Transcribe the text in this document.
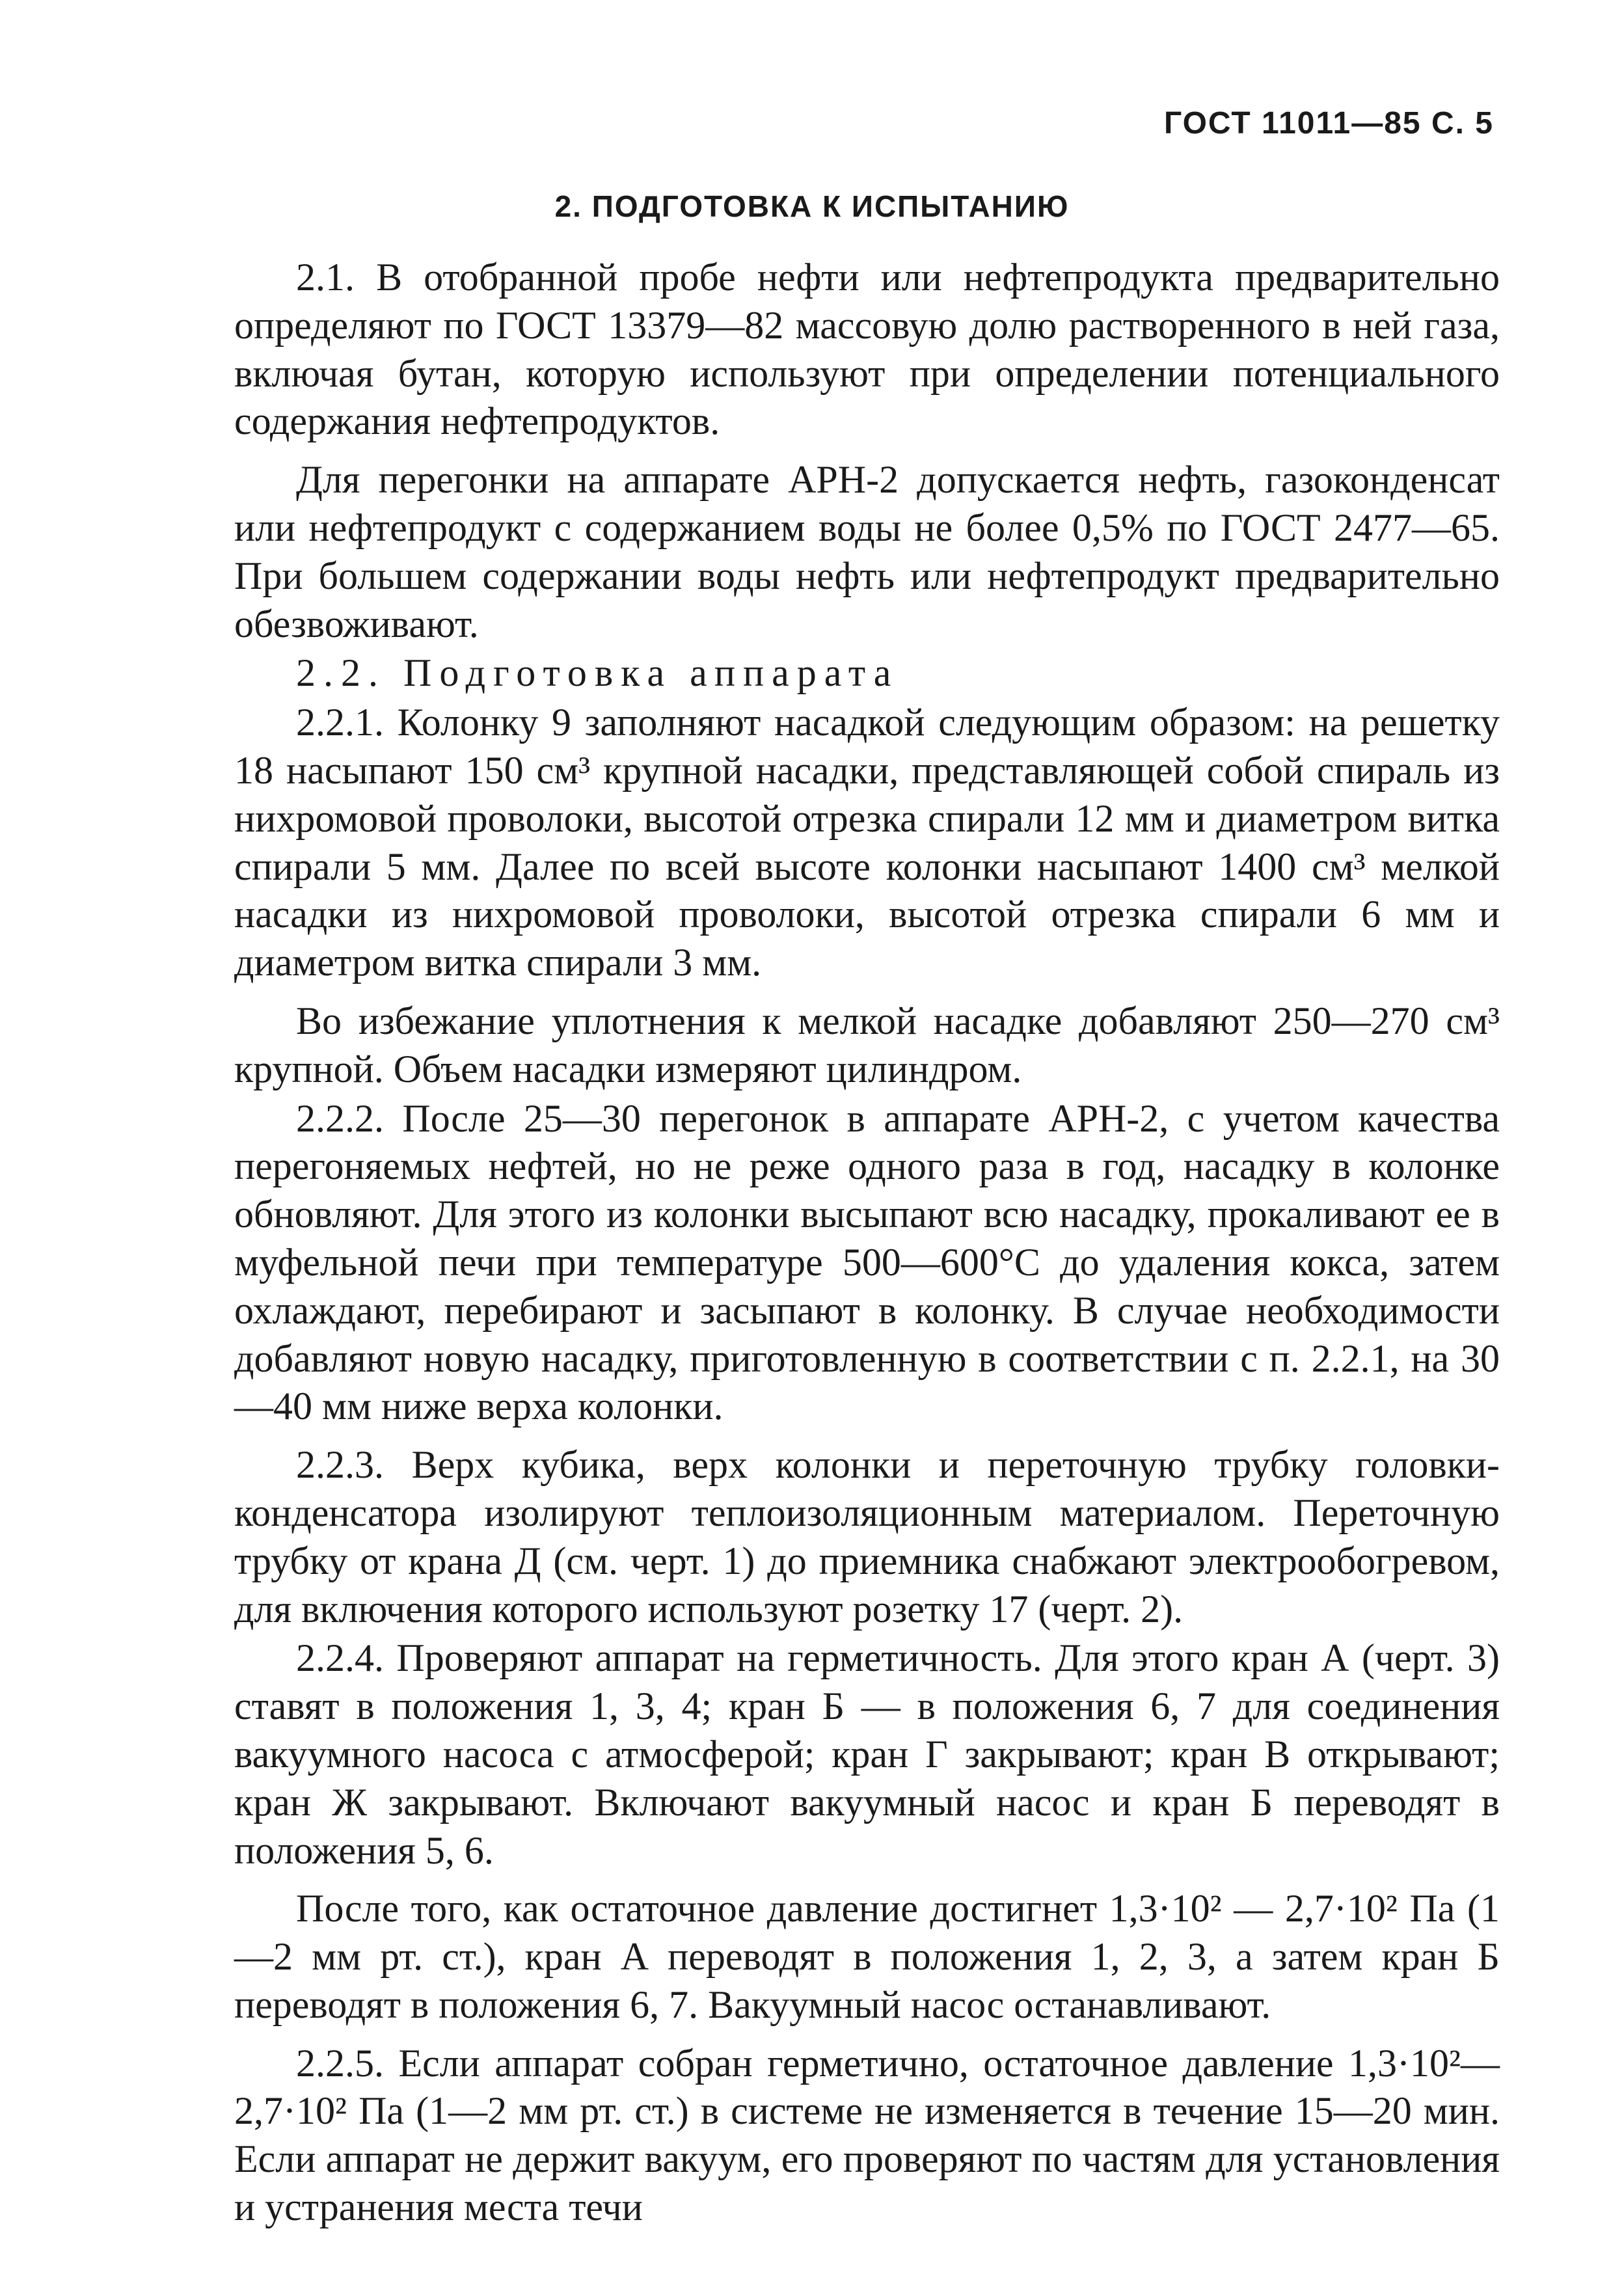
ГОСТ 11011—85 С. 5
2. ПОДГОТОВКА К ИСПЫТАНИЮ

2.1. В отобранной пробе нефти или нефтепродукта предварительно определяют по ГОСТ 13379—82 массовую долю растворенного в ней газа, включая бутан, которую используют при определении потенциального содержания нефтепродуктов.

Для перегонки на аппарате АРН-2 допускается нефть, газоконденсат или нефтепродукт с содержанием воды не более 0,5% по ГОСТ 2477—65. При большем содержании воды нефть или нефтепродукт предварительно обезвоживают.

2.2. Подготовка аппарата

2.2.1. Колонку 9 заполняют насадкой следующим образом: на решетку 18 насыпают 150 см³ крупной насадки, представляющей собой спираль из нихромовой проволоки, высотой отрезка спирали 12 мм и диаметром витка спирали 5 мм. Далее по всей высоте колонки насыпают 1400 см³ мелкой насадки из нихромовой проволоки, высотой отрезка спирали 6 мм и диаметром витка спирали 3 мм.

Во избежание уплотнения к мелкой насадке добавляют 250—270 см³ крупной. Объем насадки измеряют цилиндром.

2.2.2. После 25—30 перегонок в аппарате АРН-2, с учетом качества перегоняемых нефтей, но не реже одного раза в год, насадку в колонке обновляют. Для этого из колонки высыпают всю насадку, прокаливают ее в муфельной печи при температуре 500—600°С до удаления кокса, затем охлаждают, перебирают и засыпают в колонку. В случае необходимости добавляют новую насадку, приготовленную в соответствии с п. 2.2.1, на 30—40 мм ниже верха колонки.

2.2.3. Верх кубика, верх колонки и переточную трубку головки-конденсатора изолируют теплоизоляционным материалом. Переточную трубку от крана Д (см. черт. 1) до приемника снабжают электрообогревом, для включения которого используют розетку 17 (черт. 2).

2.2.4. Проверяют аппарат на герметичность. Для этого кран А (черт. 3) ставят в положения 1, 3, 4; кран Б — в положения 6, 7 для соединения вакуумного насоса с атмосферой; кран Г закрывают; кран В открывают; кран Ж закрывают. Включают вакуумный насос и кран Б переводят в положения 5, 6.

После того, как остаточное давление достигнет 1,3·10² — 2,7·10² Па (1—2 мм рт. ст.), кран А переводят в положения 1, 2, 3, а затем кран Б переводят в положения 6, 7. Вакуумный насос останавливают.

2.2.5. Если аппарат собран герметично, остаточное давление 1,3·10²—2,7·10² Па (1—2 мм рт. ст.) в системе не изменяется в течение 15—20 мин. Если аппарат не держит вакуум, его проверяют по частям для установления и устранения места течи
